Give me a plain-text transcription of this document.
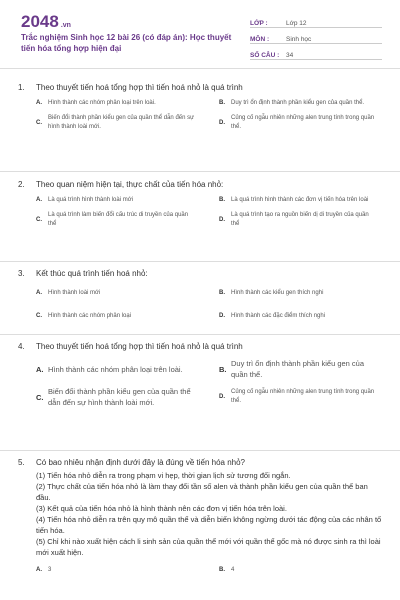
2048 .vn
Trắc nghiệm Sinh học 12 bài 26 (có đáp án): Học thuyết tiến hóa tổng hợp hiện đại
LỚP :	Lớp 12
MÔN :	Sinh học
SỐ CÂU :	34
1.	Theo thuyết tiến hoá tổng hợp thì tiến hoá nhỏ là quá trình
A.	Hình thành các nhóm phân loại trên loài.	B.	Duy trì ổn định thành phần kiểu gen của quần thể.
C.
Biến đổi thành phần kiểu gen của quần thể dẫn đến sự hình thành loài mới.
D.
Củng cố ngẫu nhiên những alen trung tính trong quần thể.
2.	Theo quan niệm hiện tại, thực chất của tiến hóa nhỏ:
A.	Là quá trình hình thành loài mới	B.	Là quá trình hình thành các đơn vị tiến hóa trên loài
C.
Là quá trình làm biến đổi cấu trúc di truyền của quần thể
D.
Là quá trình tạo ra nguồn biến dị di truyền của quần thể
3.	Kết thúc quá trình tiến hoá nhỏ:
A.	Hình thành loài mới	B.	Hình thành các kiểu gen thích nghi
C.	Hình thành các nhóm phân loại	D.	Hình thành các đặc điểm thích nghi
4.	Theo thuyết tiến hoá tổng hợp thì tiến hoá nhỏ là quá trình
A. Hình thành các nhóm phân loại trên loài.	B.
Duy trì ổn định thành phần kiểu gen của quần thể.
C.
Biến đổi thành phần kiểu gen của quần thể dẫn đến sự hình thành loài mới.
D.
Củng cố ngẫu nhiên những alen trung tính trong quần thể.
5.	Có bao nhiêu nhận định dưới đây là đúng về tiến hóa nhỏ?
(1) Tiến hóa nhỏ diễn ra trong phạm vi hẹp, thời gian lịch sử tương đối ngắn.
(2) Thực chất của tiến hóa nhỏ là làm thay đổi tần số alen và thành phần kiểu gen của quần thể ban đầu.
(3) Kết quả của tiến hóa nhỏ là hình thành nên các đơn vị tiến hóa trên loài.
(4) Tiến hóa nhỏ diễn ra trên quy mô quần thể và diễn biến không ngừng dưới tác động của các nhân tố tiến hóa.
(5) Chỉ khi nào xuất hiện cách li sinh sản của quần thể mới với quần thể gốc mà nó được sinh ra thì loài mới xuất hiện.
A.	3	B.	4
